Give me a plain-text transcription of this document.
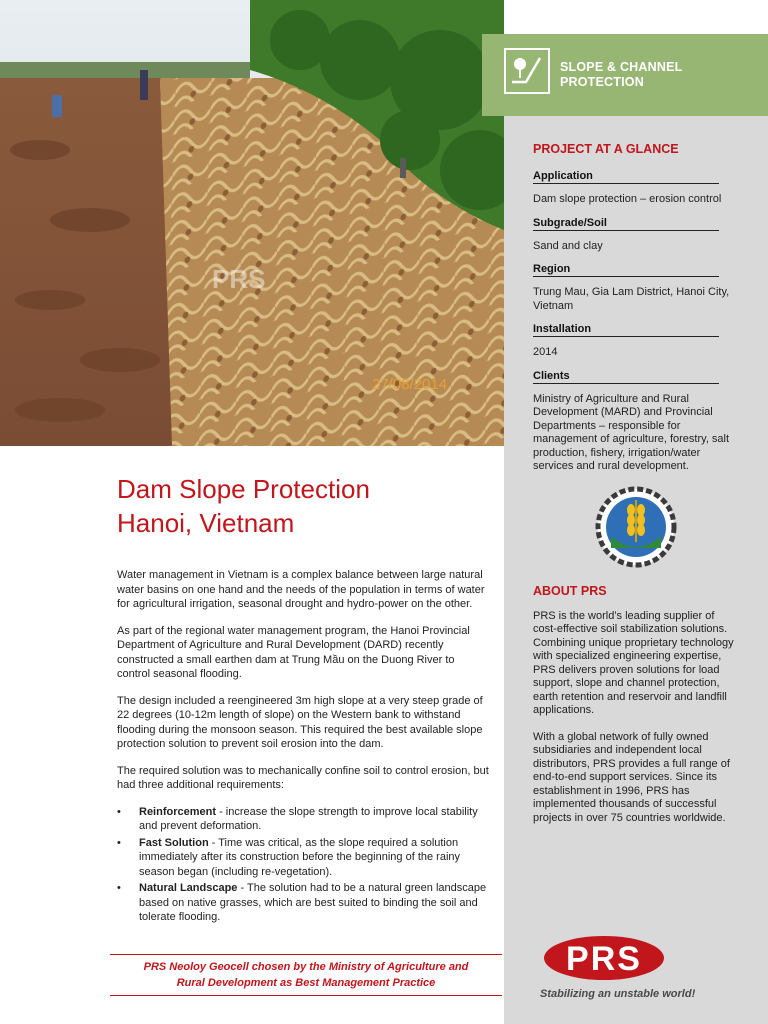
PRS
27/08/2014
SLOPE & CHANNEL
PROTECTION
PROJECT AT A GLANCE
Application
Dam slope protection – erosion control
Subgrade/Soil
Sand and clay
Region
Trung Mau, Gia Lam District, Hanoi City, Vietnam
Installation
2014
Clients
Ministry of Agriculture and Rural Development (MARD) and Provincial Departments – responsible for management of agriculture, forestry, salt production, fishery, irrigation/water services and rural development.
ABOUT PRS
PRS is the world’s leading supplier of cost-effective soil stabilization solutions. Combining unique proprietary technology with specialized engineering expertise, PRS delivers proven solutions for load support, slope and channel protection, earth retention and reservoir and landfill applications.
With a global network of fully owned subsidiaries and independent local distributors, PRS provides a full range of end-to-end support services. Since its establishment in 1996, PRS has implemented thousands of successful projects in over 75 countries worldwide.
PRS
Stabilizing an unstable world!
Dam Slope Protection
Hanoi, Vietnam

Water management in Vietnam is a complex balance between large natural water basins on one hand and the needs of the population in terms of water for agricultural irrigation, seasonal drought and hydro-power on the other.

As part of the regional water management program, the Hanoi Provincial Department of Agriculture and Rural Development (DARD) recently constructed a small earthen dam at Trung Mầu on the Duong River to control seasonal flooding.

The design included a reengineered 3m high slope at a very steep grade of 22 degrees (10-12m length of slope) on the Western bank to withstand flooding during the monsoon season. This required the best available slope protection solution to prevent soil erosion into the dam.

The required solution was to mechanically confine soil to control erosion, but had three additional requirements:

• Reinforcement - increase the slope strength to improve local stability and prevent deformation.
• Fast Solution - Time was critical, as the slope required a solution immediately after its construction before the beginning of the rainy season began (including re-vegetation).
• Natural Landscape - The solution had to be a natural green landscape based on native grasses, which are best suited to binding the soil and tolerate flooding.
PRS Neoloy Geocell chosen by the Ministry of Agriculture and
Rural Development as Best Management Practice
